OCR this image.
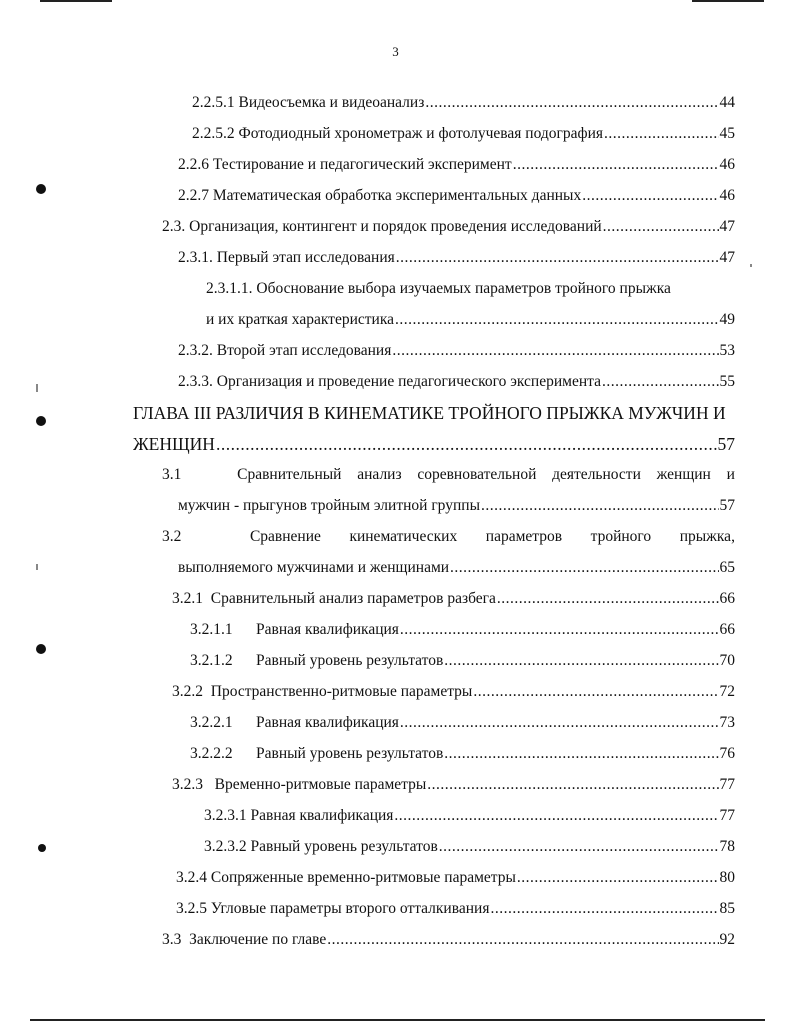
3
2.2.5.1 Видеосъемка и видеоанализ .....	44
2.2.5.2 Фотодиодный хронометраж и фотолучевая подография .....	45
2.2.6 Тестирование и педагогический эксперимент .....	46
2.2.7 Математическая обработка экспериментальных данных .....	46
2.3. Организация, контингент и порядок проведения исследований .....	47
2.3.1. Первый этап исследования .....	47
2.3.1.1. Обоснование выбора изучаемых параметров тройного прыжка
и их краткая характеристика .....	49
2.3.2. Второй этап исследования .....	53
2.3.3. Организация и проведение педагогического эксперимента .....	55
ГЛАВА III РАЗЛИЧИЯ В КИНЕМАТИКЕ ТРОЙНОГО ПРЫЖКА МУЖЧИН И
ЖЕНЩИН .....	57
3.1	Сравнительный анализ соревновательной деятельности женщин и
мужчин - прыгунов тройным элитной группы .....	57
3.2	Сравнение кинематических параметров тройного прыжка,
выполняемого мужчинами и женщинами .....	65
3.2.1  Сравнительный анализ параметров разбега .....	66
3.2.1.1	Равная квалификация .....	66
3.2.1.2	Равный уровень результатов .....	70
3.2.2  Пространственно-ритмовые параметры .....	72
3.2.2.1	Равная квалификация .....	73
3.2.2.2	Равный уровень результатов .....	76
3.2.3   Временно-ритмовые параметры .....	77
3.2.3.1 Равная квалификация .....	77
3.2.3.2 Равный уровень результатов .....	78
3.2.4 Сопряженные временно-ритмовые параметры .....	80
3.2.5 Угловые параметры второго отталкивания .....	85
3.3  Заключение по главе .....	92
